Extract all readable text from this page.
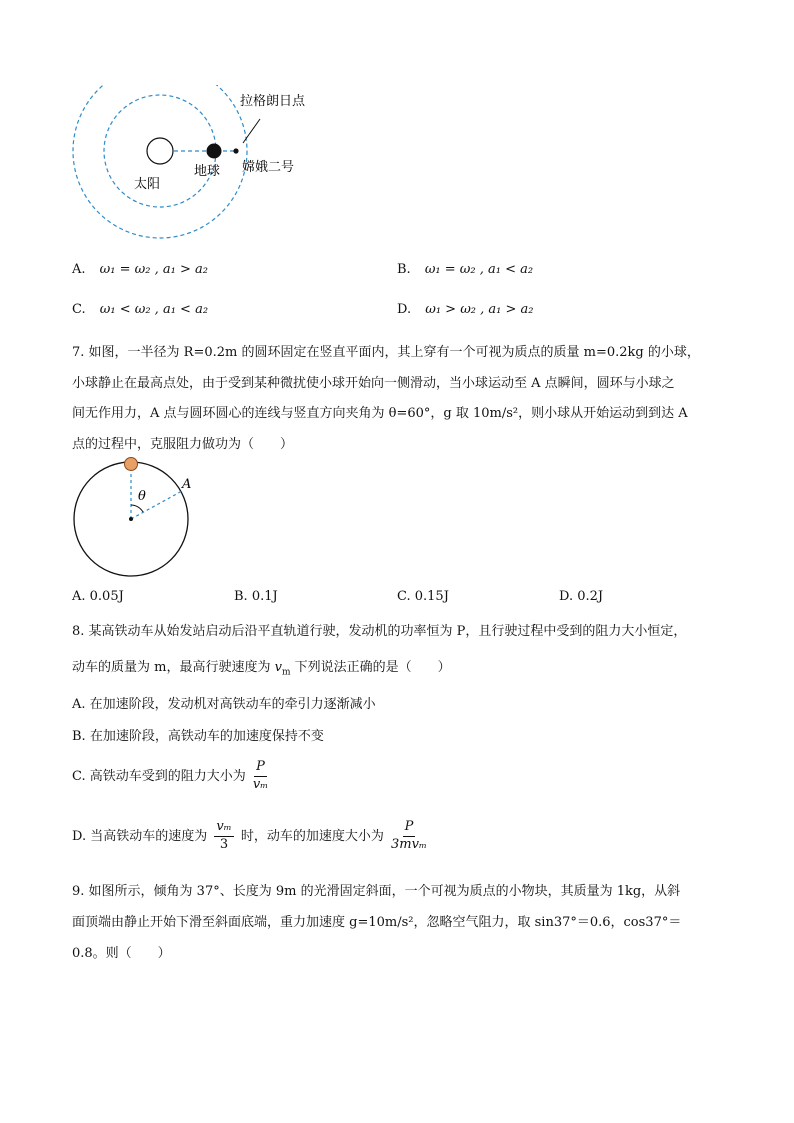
拉格朗日点
太阳
地球 嫦娥二号
A. ω₁ = ω₂ , a₁ > a₂	B. ω₁ = ω₂ , a₁ < a₂
C. ω₁ < ω₂ , a₁ < a₂	D. ω₁ > ω₂ , a₁ > a₂
7. 如图，一半径为 R=0.2m 的圆环固定在竖直平面内，其上穿有一个可视为质点的质量 m=0.2kg 的小球，
小球静止在最高点处，由于受到某种微扰使小球开始向一侧滑动，当小球运动至 A 点瞬间，圆环与小球之
间无作用力，A 点与圆环圆心的连线与竖直方向夹角为 θ=60°，g 取 10m/s²，则小球从开始运动到到达 A
点的过程中，克服阻力做功为（　　）
θ
A
A. 0.05J	B. 0.1J	C. 0.15J	D. 0.2J
8. 某高铁动车从始发站启动后沿平直轨道行驶，发动机的功率恒为 P，且行驶过程中受到的阻力大小恒定，
动车的质量为 m，最高行驶速度为 $v_m$ 下列说法正确的是（　　）
A. 在加速阶段，发动机对高铁动车的牵引力逐渐减小
B. 在加速阶段，高铁动车的加速度保持不变
C. 高铁动车受到的阻力大小为 $\frac{P}{\text{vₘ}}$
D. 当高铁动车的速度为 $\frac{\text{vₘ}}{3}$ 时，动车的加速度大小为 $\frac{P}{\text{3mvₘ}}$
9. 如图所示，倾角为 37°、长度为 9m 的光滑固定斜面，一个可视为质点的小物块，其质量为 1kg，从斜
面顶端由静止开始下滑至斜面底端，重力加速度 g=10m/s²，忽略空气阻力，取 sin37°＝0.6，cos37°＝
0.8。则（　　）
